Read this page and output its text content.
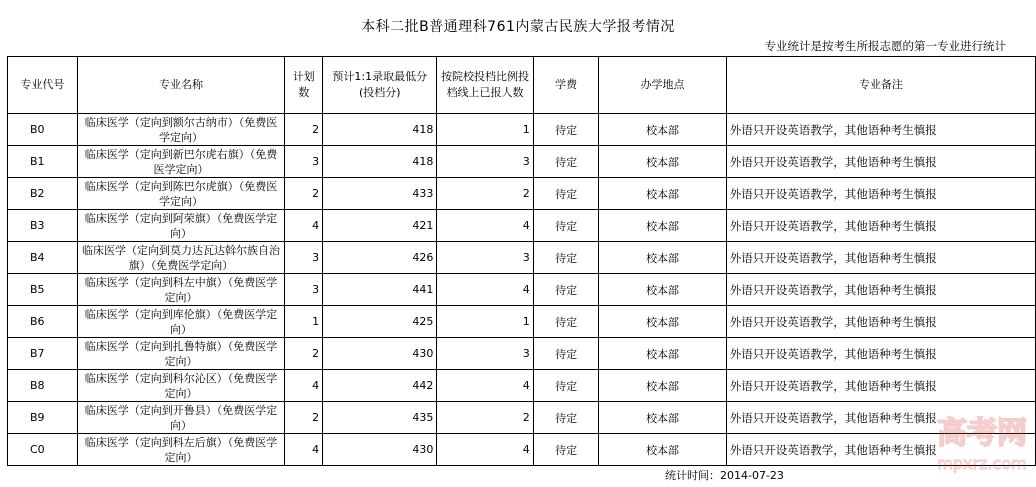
本科二批B普通理科761内蒙古民族大学报考情况
专业统计是按考生所报志愿的第一专业进行统计
专业代号	专业名称	计划数	预计1:1录取最低分(投档分)	按院校投档比例投档线上已报人数	学费	办学地点	专业备注
B0	临床医学（定向到额尔古纳市）（免费医学定向）	2	418	1	待定	校本部	外语只开设英语教学，其他语种考生慎报
B1	临床医学（定向到新巴尔虎右旗）（免费医学定向）	3	418	3	待定	校本部	外语只开设英语教学，其他语种考生慎报
B2	临床医学（定向到陈巴尔虎旗）（免费医学定向）	2	433	2	待定	校本部	外语只开设英语教学，其他语种考生慎报
B3	临床医学（定向到阿荣旗）（免费医学定向）	4	421	4	待定	校本部	外语只开设英语教学，其他语种考生慎报
B4	临床医学（定向到莫力达瓦达斡尔族自治旗）（免费医学定向）	3	426	3	待定	校本部	外语只开设英语教学，其他语种考生慎报
B5	临床医学（定向到科左中旗）（免费医学定向）	3	441	4	待定	校本部	外语只开设英语教学，其他语种考生慎报
B6	临床医学（定向到库伦旗）（免费医学定向）	1	425	1	待定	校本部	外语只开设英语教学，其他语种考生慎报
B7	临床医学（定向到扎鲁特旗）（免费医学定向）	2	430	3	待定	校本部	外语只开设英语教学，其他语种考生慎报
B8	临床医学（定向到科尔沁区）（免费医学定向）	4	442	4	待定	校本部	外语只开设英语教学，其他语种考生慎报
B9	临床医学（定向到开鲁县）（免费医学定向）	2	435	2	待定	校本部	外语只开设英语教学，其他语种考生慎报
C0	临床医学（定向到科左后旗）（免费医学定向）	4	430	4	待定	校本部	外语只开设英语教学，其他语种考生慎报
统计时间：2014-07-23
高考网
mpxrz.com
